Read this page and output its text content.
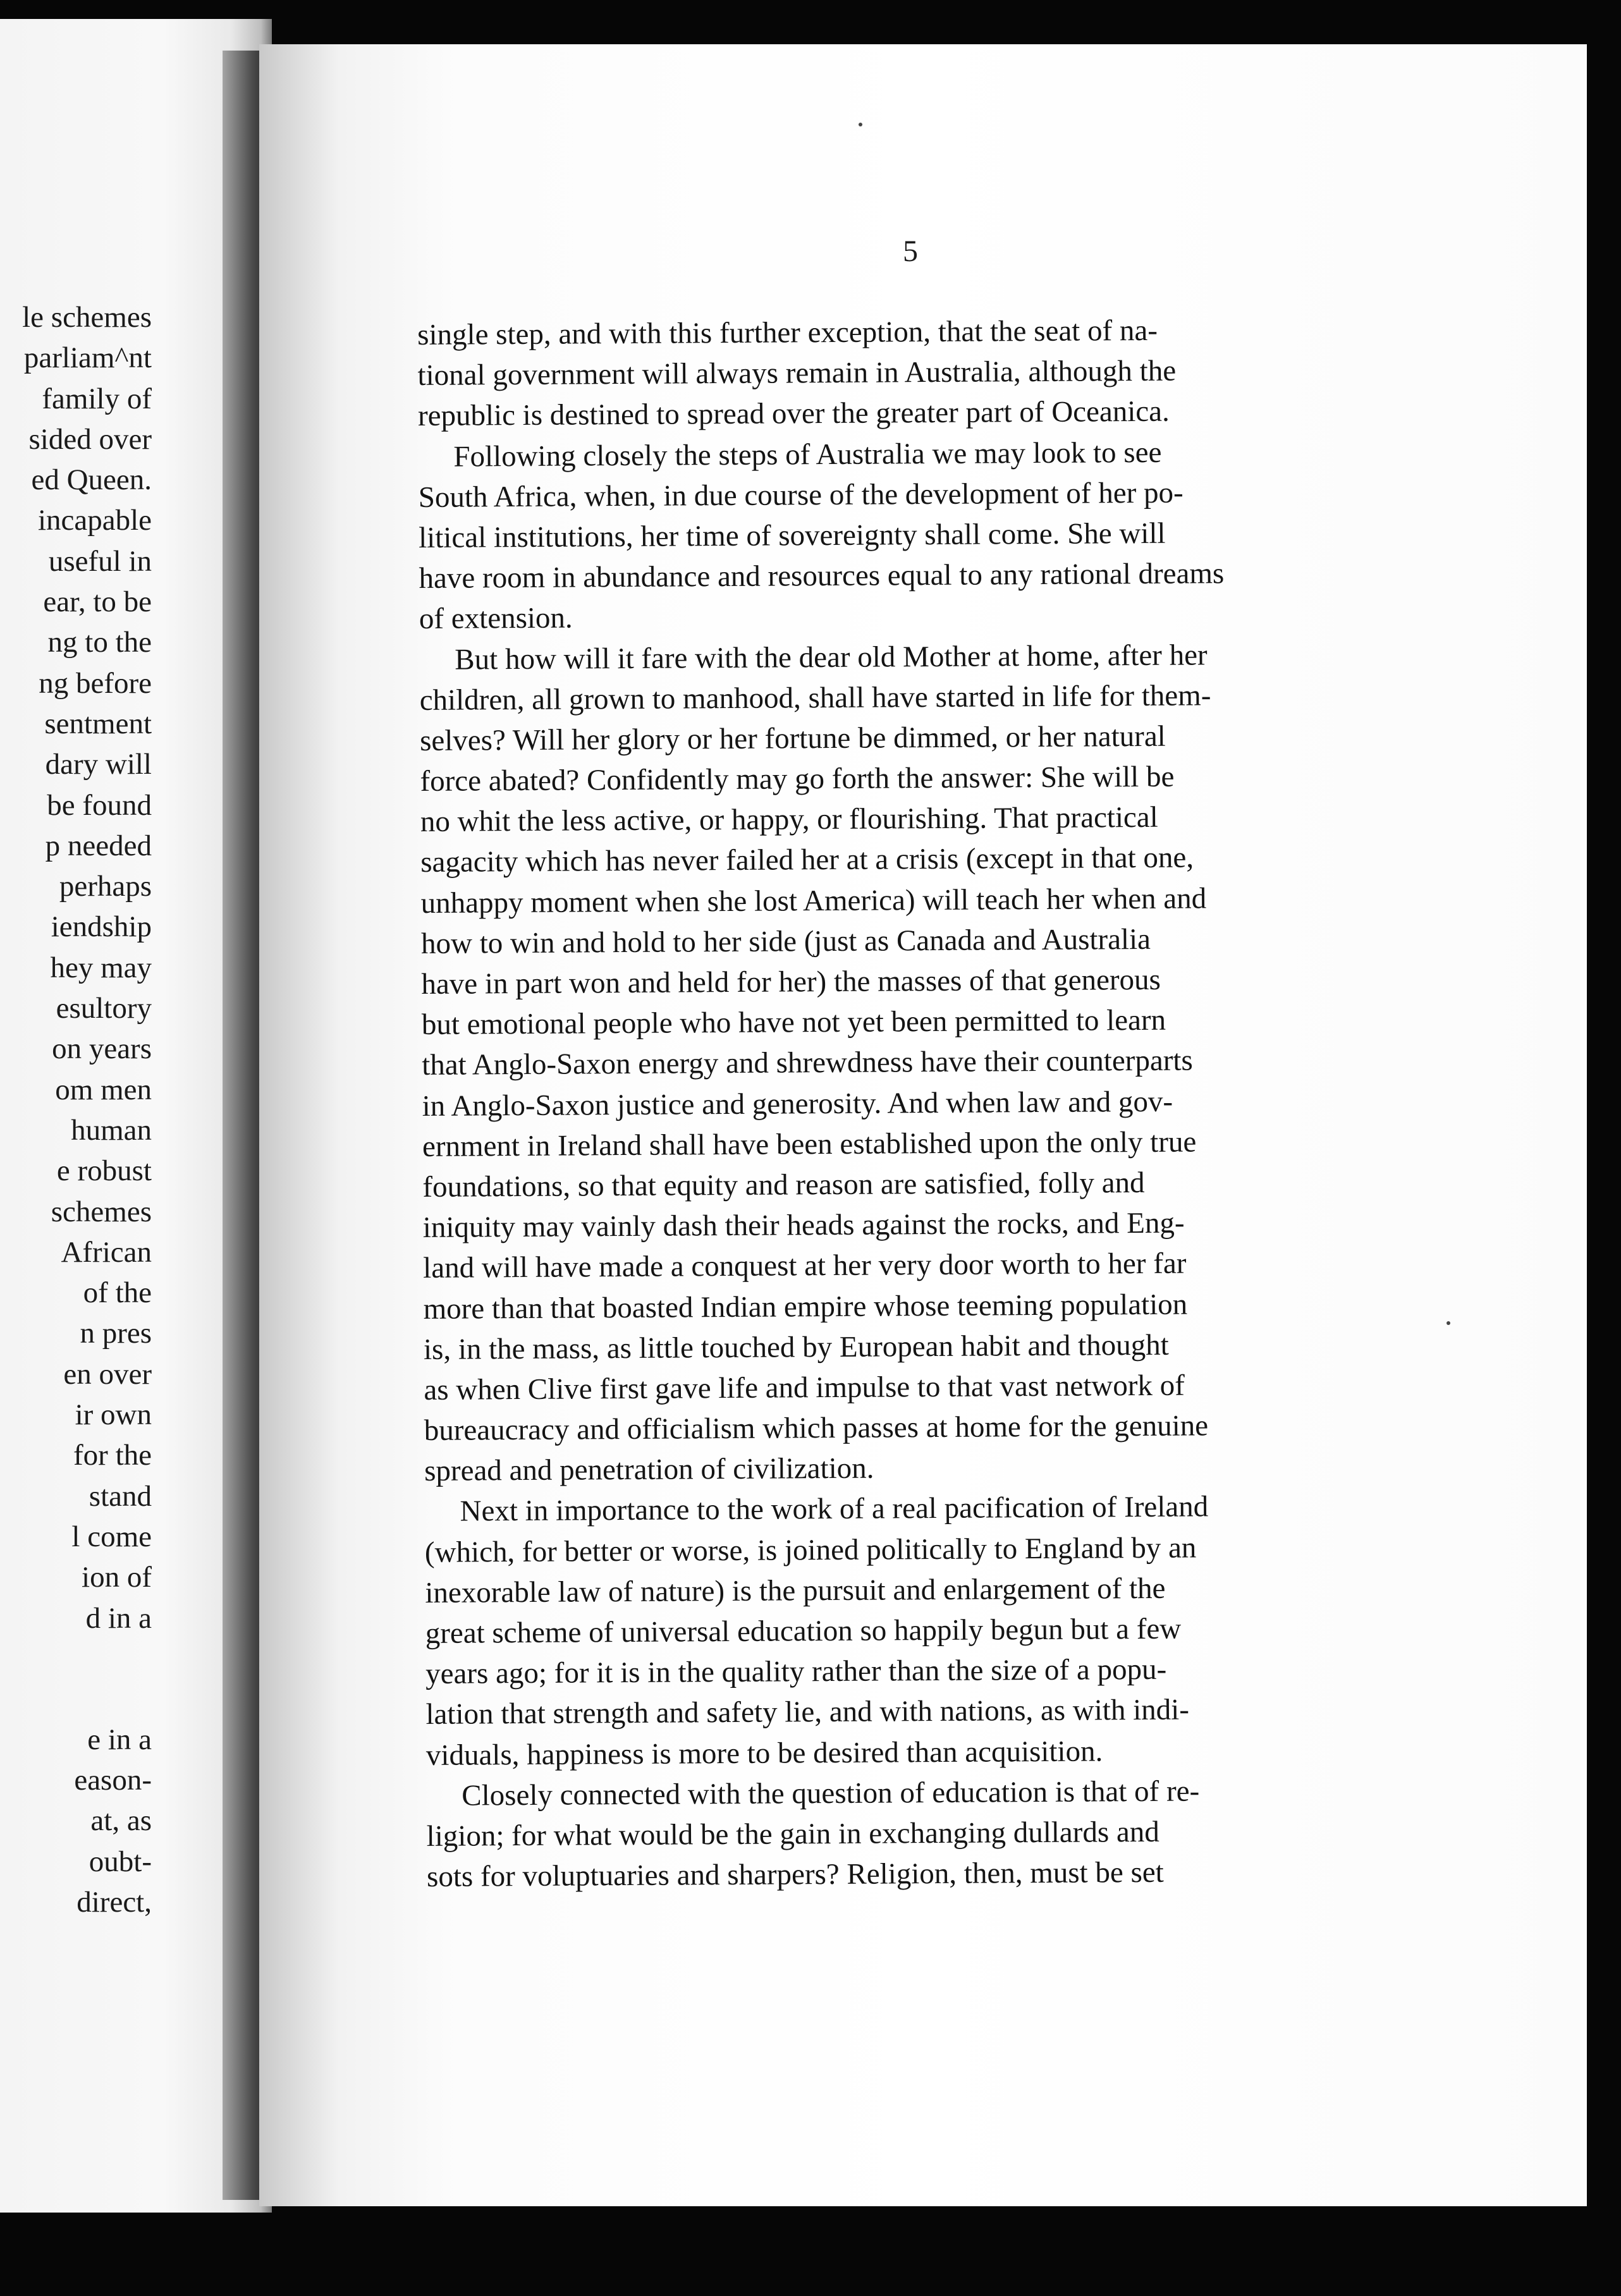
le schemes
parliam^nt
family of
sided over
ed Queen.
incapable
useful in
ear, to be
ng to the
ng before
sentment
dary will
be found
p needed
perhaps
iendship
hey may
esultory
on years
om men
human
e robust
schemes
African
of the
n pres
en over
ir own
for the
stand
l come
ion of
d in a
e in a
eason-
at, as
oubt-
direct,
5
single step, and with this further exception, that the seat of na-
tional government will always remain in Australia, although the
republic is destined to spread over the greater part of Oceanica.
Following closely the steps of Australia we may look to see
South Africa, when, in due course of the development of her po-
litical institutions, her time of sovereignty shall come. She will
have room in abundance and resources equal to any rational dreams
of extension.
But how will it fare with the dear old Mother at home, after her
children, all grown to manhood, shall have started in life for them-
selves? Will her glory or her fortune be dimmed, or her natural
force abated? Confidently may go forth the answer: She will be
no whit the less active, or happy, or flourishing. That practical
sagacity which has never failed her at a crisis (except in that one,
unhappy moment when she lost America) will teach her when and
how to win and hold to her side (just as Canada and Australia
have in part won and held for her) the masses of that generous
but emotional people who have not yet been permitted to learn
that Anglo-Saxon energy and shrewdness have their counterparts
in Anglo-Saxon justice and generosity. And when law and gov-
ernment in Ireland shall have been established upon the only true
foundations, so that equity and reason are satisfied, folly and
iniquity may vainly dash their heads against the rocks, and Eng-
land will have made a conquest at her very door worth to her far
more than that boasted Indian empire whose teeming population
is, in the mass, as little touched by European habit and thought
as when Clive first gave life and impulse to that vast network of
bureaucracy and officialism which passes at home for the genuine
spread and penetration of civilization.
Next in importance to the work of a real pacification of Ireland
(which, for better or worse, is joined politically to England by an
inexorable law of nature) is the pursuit and enlargement of the
great scheme of universal education so happily begun but a few
years ago; for it is in the quality rather than the size of a popu-
lation that strength and safety lie, and with nations, as with indi-
viduals, happiness is more to be desired than acquisition.
Closely connected with the question of education is that of re-
ligion; for what would be the gain in exchanging dullards and
sots for voluptuaries and sharpers? Religion, then, must be set
